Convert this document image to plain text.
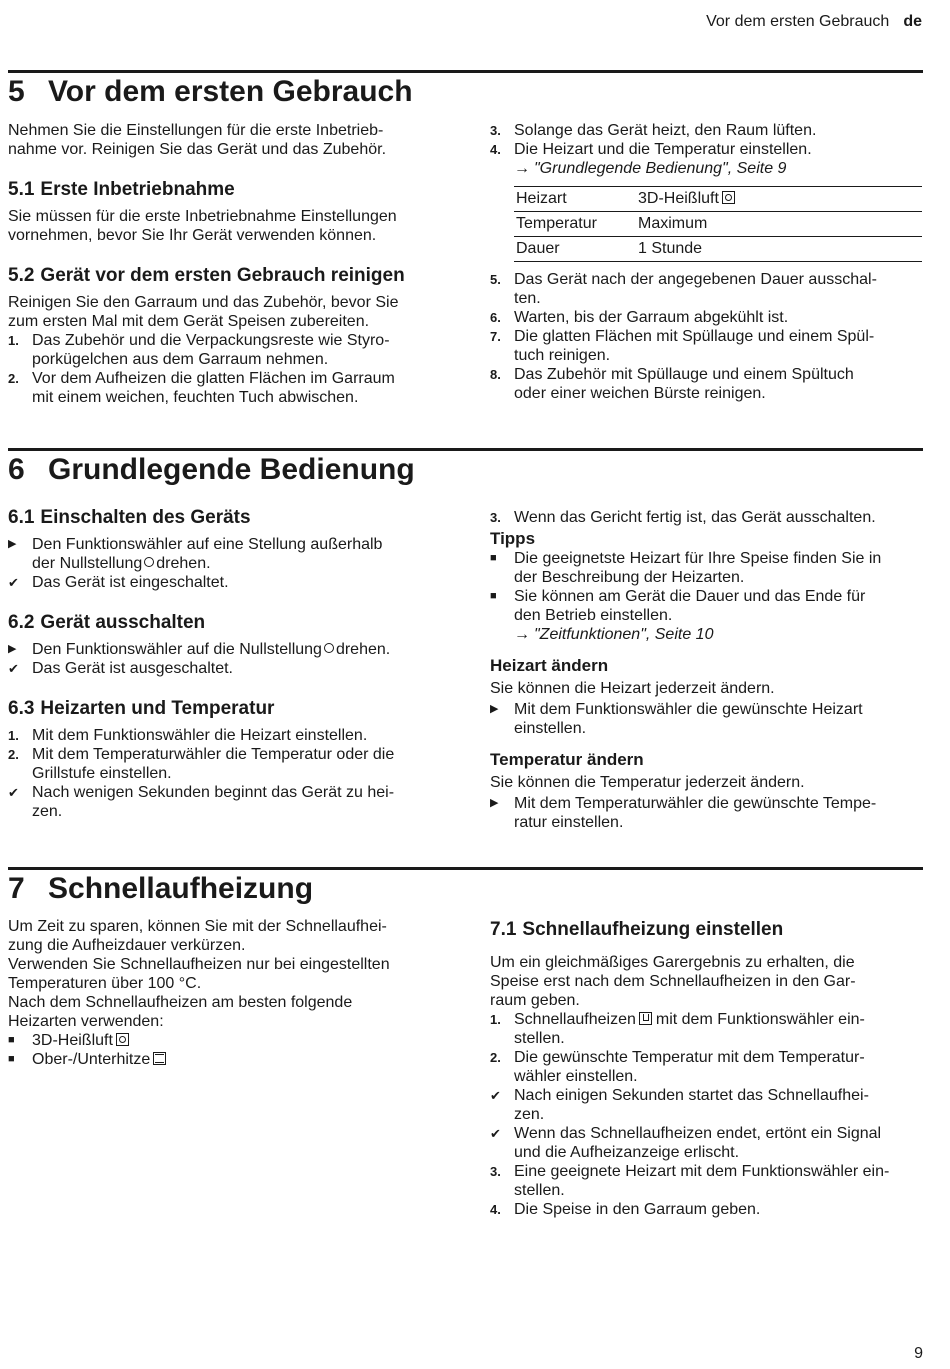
Vor dem ersten Gebrauch de
5 Vor dem ersten Gebrauch

Nehmen Sie die Einstellungen für die erste Inbetrieb-
nahme vor. Reinigen Sie das Gerät und das Zubehör.

5.1 Erste Inbetriebnahme

Sie müssen für die erste Inbetriebnahme Einstellungen
vornehmen, bevor Sie Ihr Gerät verwenden können.

5.2 Gerät vor dem ersten Gebrauch reinigen

Reinigen Sie den Garraum und das Zubehör, bevor Sie
zum ersten Mal mit dem Gerät Speisen zubereiten.

1. Das Zubehör und die Verpackungsreste wie Styro-
porkügelchen aus dem Garraum nehmen.
2. Vor dem Aufheizen die glatten Flächen im Garraum
mit einem weichen, feuchten Tuch abwischen.
3. Solange das Gerät heizt, den Raum lüften.
4. Die Heizart und die Temperatur einstellen.
→ "Grundlegende Bedienung", Seite 9
Heizart	3D-Heißluft
Temperatur	Maximum
Dauer	1 Stunde
5. Das Gerät nach der angegebenen Dauer ausschal-
ten.
6. Warten, bis der Garraum abgekühlt ist.
7. Die glatten Flächen mit Spüllauge und einem Spül-
tuch reinigen.
8. Das Zubehör mit Spüllauge und einem Spültuch
oder einer weichen Bürste reinigen.
6 Grundlegende Bedienung
6.1 Einschalten des Geräts
▶ Den Funktionswähler auf eine Stellung außerhalb
der Nullstellung drehen.
✔ Das Gerät ist eingeschaltet.
6.2 Gerät ausschalten
▶ Den Funktionswähler auf die Nullstellung drehen.
✔ Das Gerät ist ausgeschaltet.
6.3 Heizarten und Temperatur
1. Mit dem Funktionswähler die Heizart einstellen.
2. Mit dem Temperaturwähler die Temperatur oder die
Grillstufe einstellen.
✔ Nach wenigen Sekunden beginnt das Gerät zu hei-
zen.
3. Wenn das Gericht fertig ist, das Gerät ausschalten.
Tipps
■ Die geeignetste Heizart für Ihre Speise finden Sie in
der Beschreibung der Heizarten.
■ Sie können am Gerät die Dauer und das Ende für
den Betrieb einstellen.
→ "Zeitfunktionen", Seite 10
Heizart ändern

Sie können die Heizart jederzeit ändern.

▶ Mit dem Funktionswähler die gewünschte Heizart
einstellen.
Temperatur ändern

Sie können die Temperatur jederzeit ändern.

▶ Mit dem Temperaturwähler die gewünschte Tempe-
ratur einstellen.
7 Schnellaufheizung

Um Zeit zu sparen, können Sie mit der Schnellaufhei-
zung die Aufheizdauer verkürzen.
Verwenden Sie Schnellaufheizen nur bei eingestellten
Temperaturen über 100 °C.
Nach dem Schnellaufheizen am besten folgende
Heizarten verwenden:

■ 3D-Heißluft
■ Ober-/Unterhitze
7.1 Schnellaufheizung einstellen

Um ein gleichmäßiges Garergebnis zu erhalten, die
Speise erst nach dem Schnellaufheizen in den Gar-
raum geben.

1. Schnellaufheizen mit dem Funktionswähler ein-
stellen.
2. Die gewünschte Temperatur mit dem Temperatur-
wähler einstellen.
✔ Nach einigen Sekunden startet das Schnellaufhei-
zen.
✔ Wenn das Schnellaufheizen endet, ertönt ein Signal
und die Aufheizanzeige erlischt.
3. Eine geeignete Heizart mit dem Funktionswähler ein-
stellen.
4. Die Speise in den Garraum geben.
9
